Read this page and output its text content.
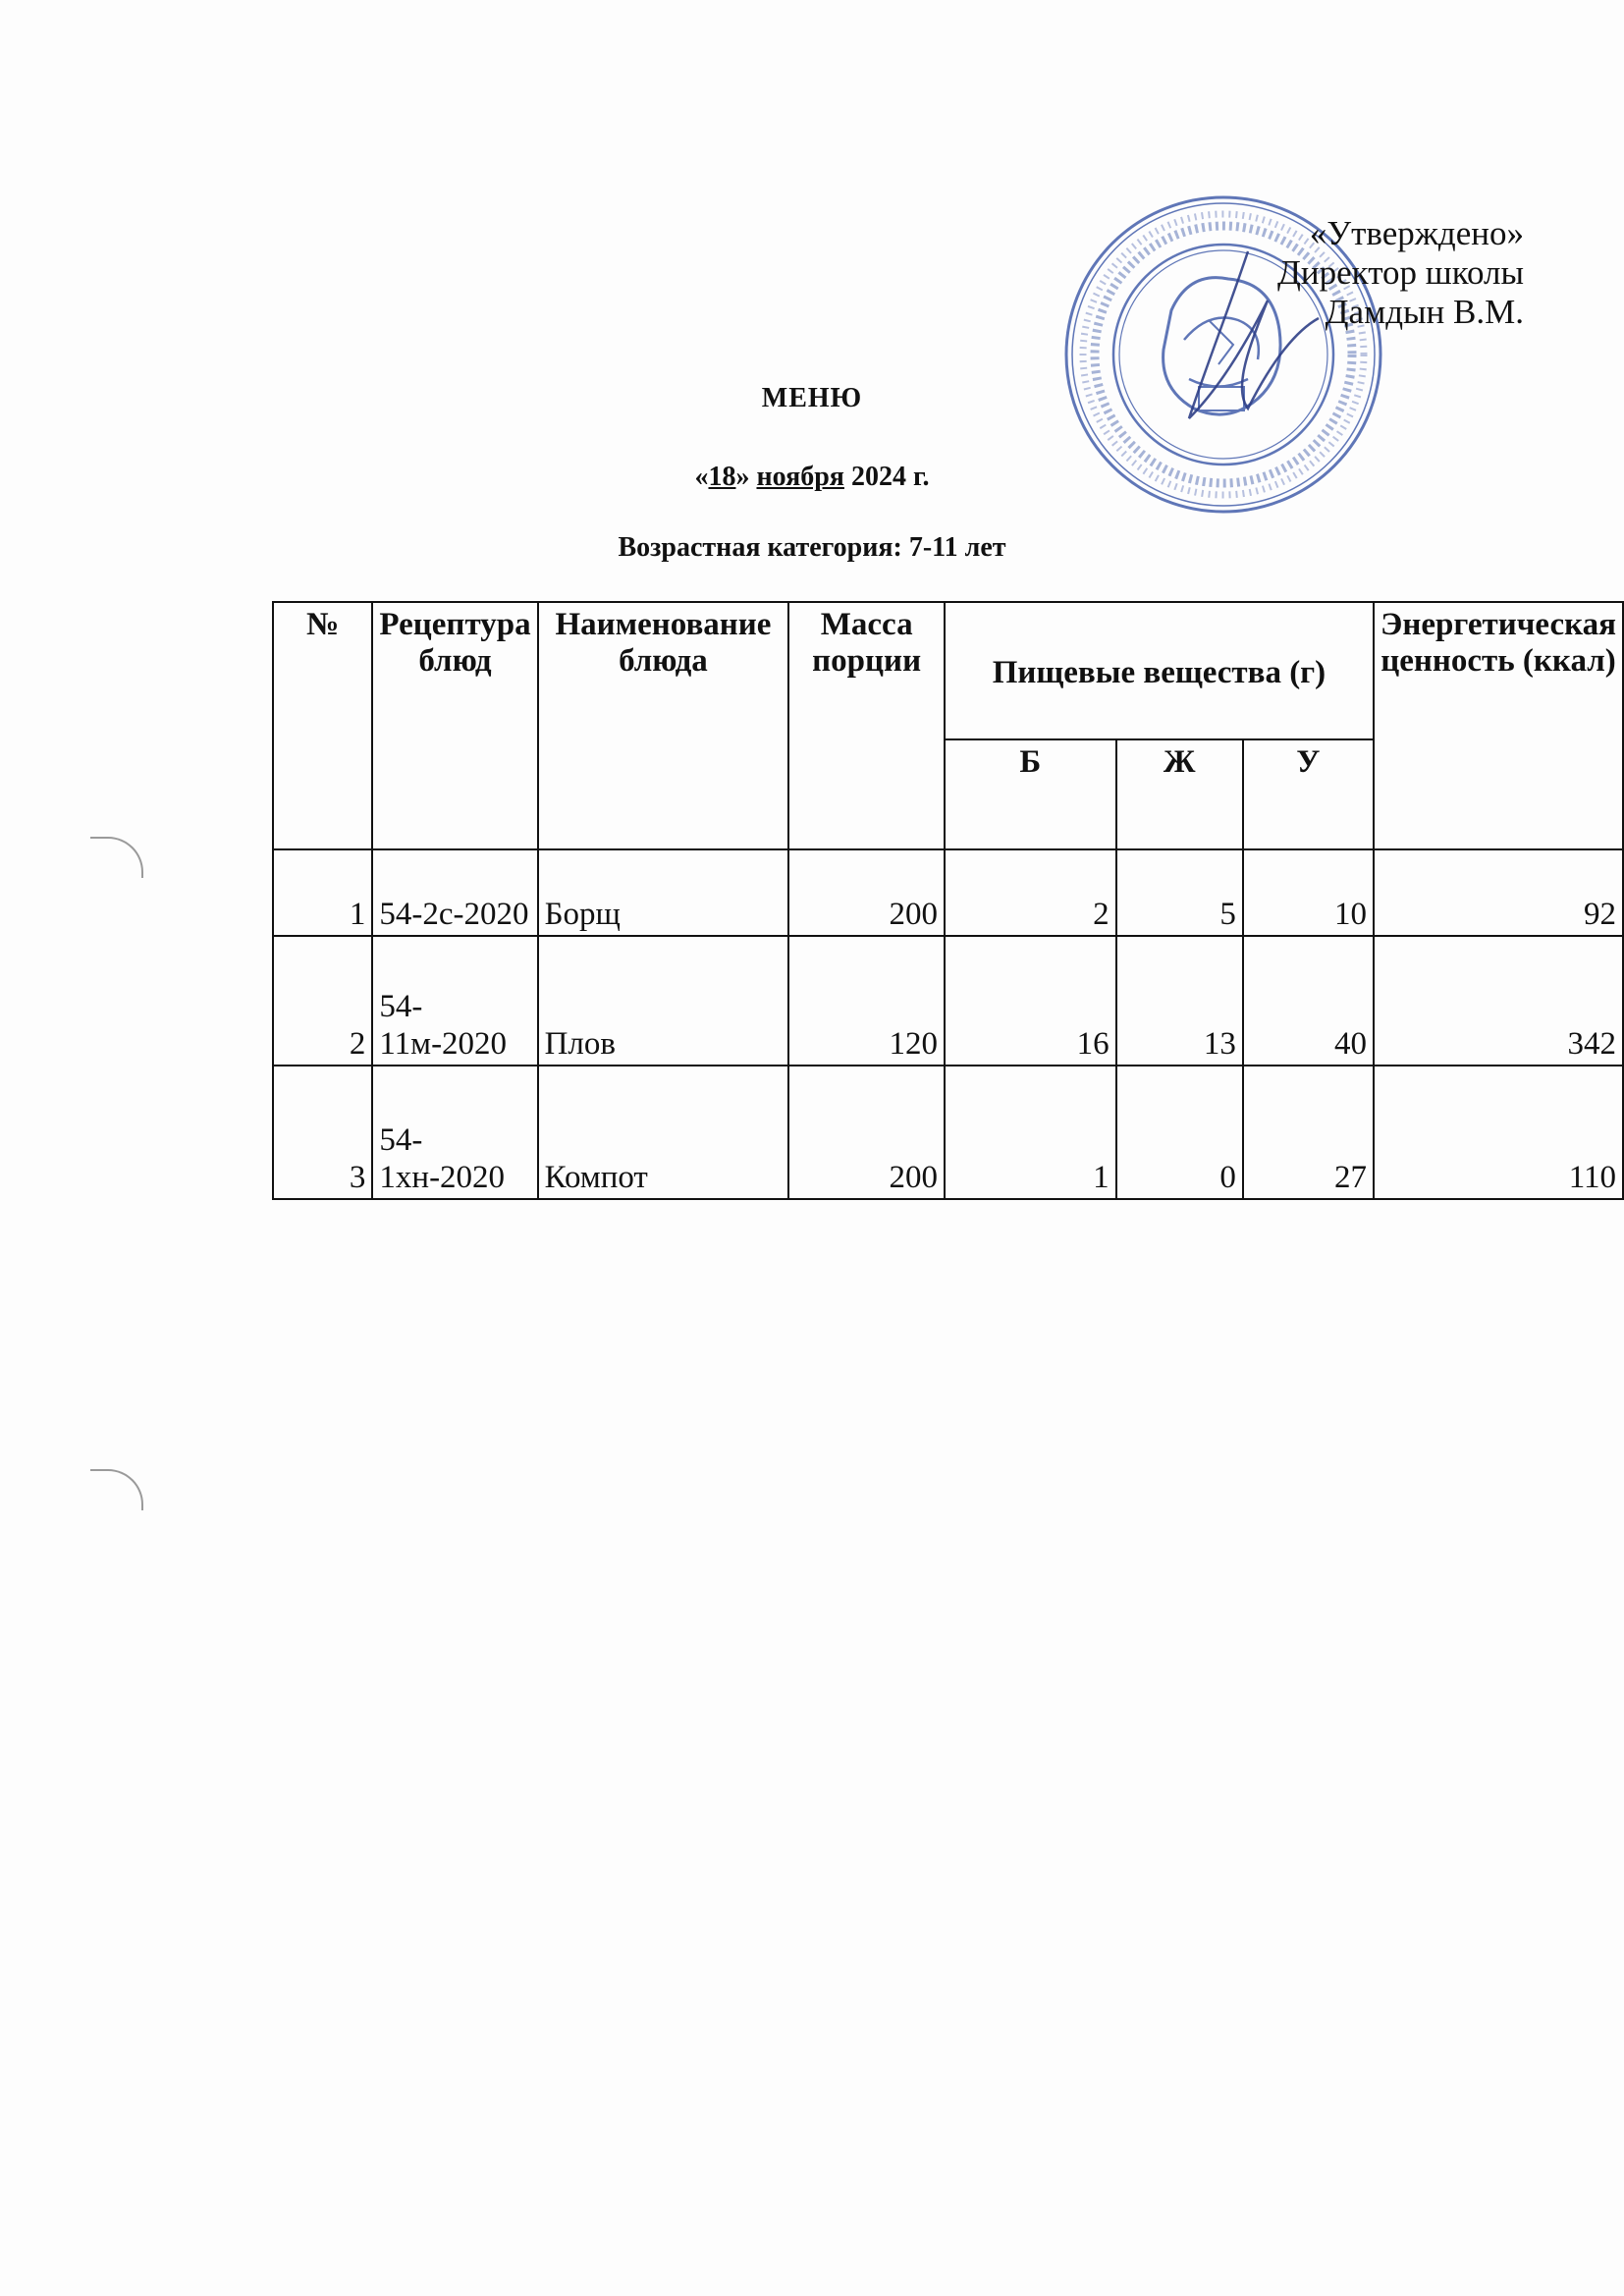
«Утверждено»
Директор школы
Дамдын В.М.
МЕНЮ
«18» ноября 2024 г.
Возрастная категория: 7-11 лет
№	Рецептура блюд	Наименование блюда	Масса порции	Пищевые вещества (г)			Энергетическая ценность (ккал)
				Б	Ж	У	
1	54-2с-2020	Борщ	200	2	5	10	92
2	54-11м-2020	Плов	120	16	13	40	342
3	54-1хн-2020	Компот	200	1	0	27	110
